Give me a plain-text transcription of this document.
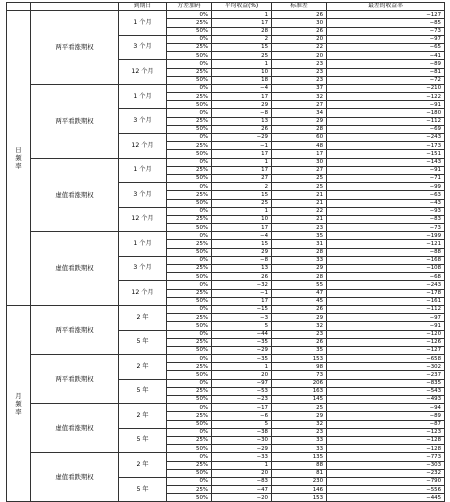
		到期日	方差加码	平均收益(%)	标准差	最差的收益率

日频率	两平看涨期权	1 个月	0%	1	26	−127
			25%	17	30	−85
			50%	28	26	−73
		3 个月	0%	2	20	−97
			25%	15	22	−65
			50%	25	20	−41
		12 个月	0%	1	23	−89
			25%	10	23	−81
			50%	18	23	−72
	两平看跌期权	1 个月	0%	−4	37	−210
			25%	17	32	−122
			50%	29	27	−91
		3 个月	0%	−8	34	−180
			25%	13	29	−112
			50%	26	28	−69
		12 个月	0%	−29	60	−243
			25%	−1	48	−173
			50%	17	17	−151
	虚值看涨期权	1 个月	0%	1	30	−143
			25%	17	27	−91
			50%	27	25	−71
		3 个月	0%	2	25	−99
			25%	15	21	−63
			50%	25	21	−43
		12 个月	0%	1	22	−93
			25%	10	21	−83
			50%	17	23	−73
	虚值看跌期权	1 个月	0%	−4	35	−199
			25%	15	31	−121
			50%	29	28	−88
		3 个月	0%	−8	33	−168
			25%	13	29	−108
			50%	26	28	−68
		12 个月	0%	−32	55	−243
			25%	−1	47	−178
			50%	17	45	−161

月频率	两平看涨期权	2 年	0%	−15	26	−112
			25%	−3	29	−97
			50%	5	32	−91
		5 年	0%	−44	23	−120
			25%	−35	26	−126
			50%	−29	35	−127
	两平看跌期权	2 年	0%	−35	153	−658
			25%	1	98	−302
			50%	20	73	−237
		5 年	0%	−97	206	−835
			25%	−53	163	−543
			50%	−23	145	−493
	虚值看涨期权	2 年	0%	−17	25	−94
			25%	−6	29	−89
			50%	5	32	−87
		5 年	0%	−38	23	−123
			25%	−30	33	−128
			50%	−29	33	−128
	虚值看跌期权	2 年	0%	−33	135	−773
			25%	1	88	−303
			50%	20	81	−232
		5 年	0%	−83	230	−790
			25%	−47	146	−556
			50%	−20	153	−445
